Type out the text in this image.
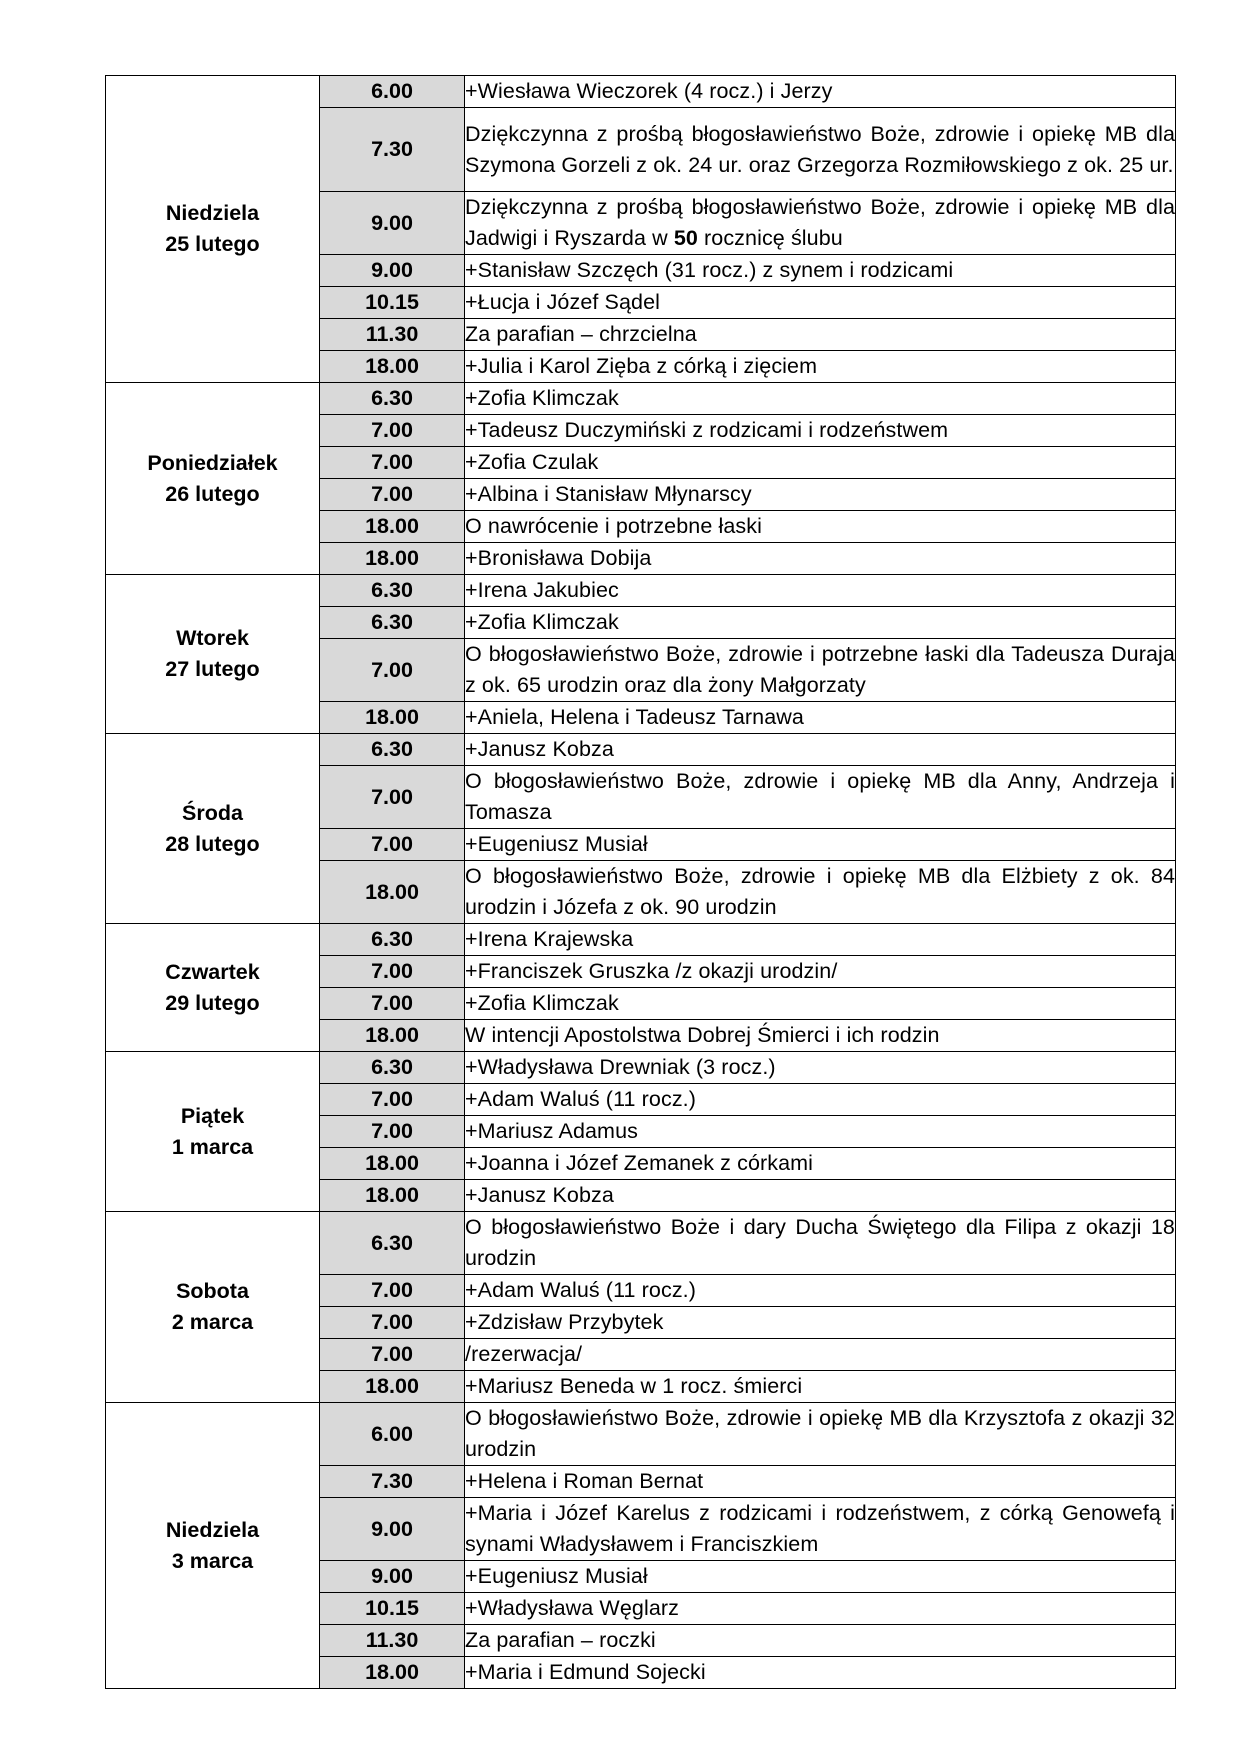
Niedziela
25 lutego	6.00	+Wiesława Wieczorek (4 rocz.) i Jerzy
	7.30	Dziękczynna z prośbą błogosławieństwo Boże, zdrowie i opiekę MB dla Szymona Gorzeli z ok. 24 ur. oraz Grzegorza Rozmiłowskiego z ok. 25 ur.
	9.00	Dziękczynna z prośbą błogosławieństwo Boże, zdrowie i opiekę MB dla Jadwigi i Ryszarda w 50 rocznicę ślubu
	9.00	+Stanisław Szczęch (31 rocz.) z synem i rodzicami
	10.15	+Łucja i Józef Sądel
	11.30	Za parafian – chrzcielna
	18.00	+Julia i Karol Zięba z córką i zięciem

Poniedziałek
26 lutego	6.30	+Zofia Klimczak
	7.00	+Tadeusz Duczymiński z rodzicami i rodzeństwem
	7.00	+Zofia Czulak
	7.00	+Albina i Stanisław Młynarscy
	18.00	O nawrócenie i potrzebne łaski
	18.00	+Bronisława Dobija

Wtorek
27 lutego	6.30	+Irena Jakubiec
	6.30	+Zofia Klimczak
	7.00	O błogosławieństwo Boże, zdrowie i potrzebne łaski dla Tadeusza Duraja z ok. 65 urodzin oraz dla żony Małgorzaty
	18.00	+Aniela, Helena i Tadeusz Tarnawa

Środa
28 lutego	6.30	+Janusz Kobza
	7.00	O błogosławieństwo Boże, zdrowie i opiekę MB dla Anny, Andrzeja i Tomasza
	7.00	+Eugeniusz Musiał
	18.00	O błogosławieństwo Boże, zdrowie i opiekę MB dla Elżbiety z ok. 84 urodzin i Józefa z ok. 90 urodzin

Czwartek
29 lutego	6.30	+Irena Krajewska
	7.00	+Franciszek Gruszka /z okazji urodzin/
	7.00	+Zofia Klimczak
	18.00	W intencji Apostolstwa Dobrej Śmierci i ich rodzin

Piątek
1 marca	6.30	+Władysława Drewniak (3 rocz.)
	7.00	+Adam Waluś (11 rocz.)
	7.00	+Mariusz Adamus
	18.00	+Joanna i Józef Zemanek z córkami
	18.00	+Janusz Kobza

Sobota
2 marca	6.30	O błogosławieństwo Boże i dary Ducha Świętego dla Filipa z okazji 18 urodzin
	7.00	+Adam Waluś (11 rocz.)
	7.00	+Zdzisław Przybytek
	7.00	/rezerwacja/
	18.00	+Mariusz Beneda w 1 rocz. śmierci

Niedziela
3 marca	6.00	O błogosławieństwo Boże, zdrowie i opiekę MB dla Krzysztofa z okazji 32 urodzin
	7.30	+Helena i Roman Bernat
	9.00	+Maria i Józef Karelus z rodzicami i rodzeństwem, z córką Genowefą i synami Władysławem i Franciszkiem
	9.00	+Eugeniusz Musiał
	10.15	+Władysława Węglarz
	11.30	Za parafian – roczki
	18.00	+Maria i Edmund Sojecki
